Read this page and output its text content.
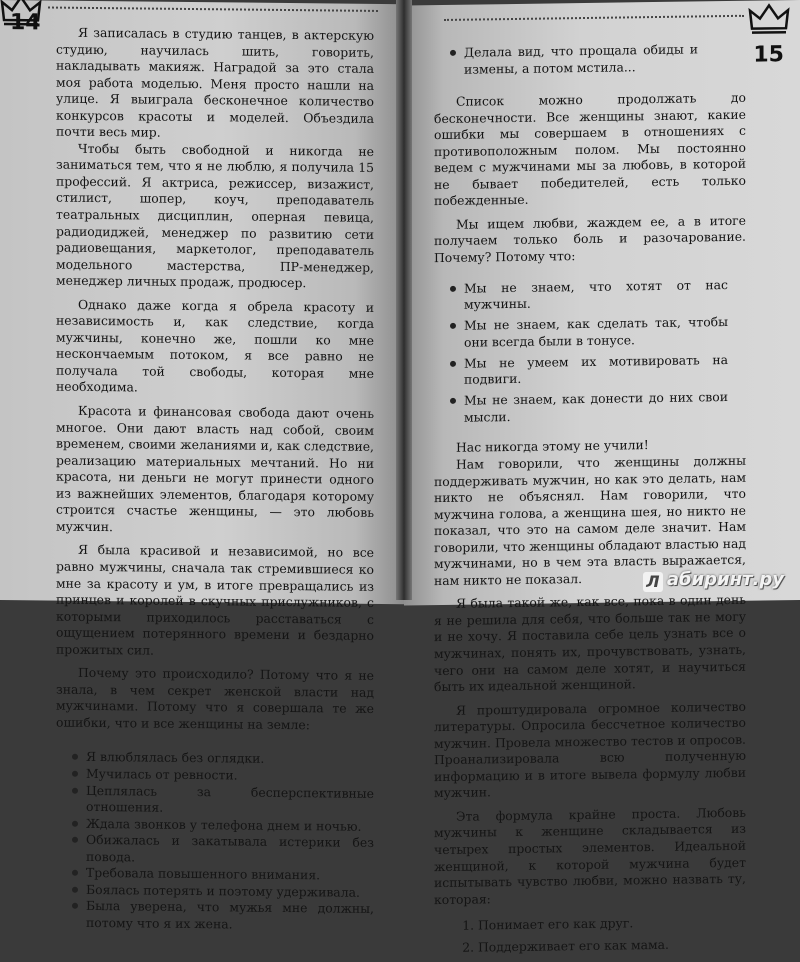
14	Я записалась в студию танцев, в актерскую студию, научилась шить, говорить, накладывать макияж. Наградой за это стала моя работа моделью. Меня просто нашли на улице. Я выиграла бесконечное количество конкурсов красоты и моделей. Объездила почти весь мир.

Чтобы быть свободной и никогда не заниматься тем, что я не люблю, я получила 15 профессий. Я актриса, режиссер, визажист, стилист, шопер, коуч, преподаватель театральных дисциплин, оперная певица, радиодиджей, менеджер по развитию сети радиовещания, маркетолог, преподаватель модельного мастерства, ПР-менеджер, менеджер личных продаж, продюсер.

Однако даже когда я обрела красоту и независимость и, как следствие, когда мужчины, конечно же, пошли ко мне нескончаемым потоком, я все равно не получала той свободы, которая мне необходима.

Красота и финансовая свобода дают очень многое. Они дают власть над собой, своим временем, своими желаниями и, как следствие, реализацию материальных мечтаний. Но ни красота, ни деньги не могут принести одного из важнейших элементов, благодаря которому строится счастье женщины, — это любовь мужчин.

Я была красивой и независимой, но все равно мужчины, сначала так стремившиеся ко мне за красоту и ум, в итоге превращались из принцев и королей в скучных прислужников, с которыми приходилось расставаться с ощущением потерянного времени и бездарно прожитых сил.

Почему это происходило? Потому что я не знала, в чем секрет женской власти над мужчинами. Потому что я совершала те же ошибки, что и все женщины на земле:

Я влюблялась без оглядки.
Мучилась от ревности.
Цеплялась за бесперспективные отношения.
Ждала звонков у телефона днем и ночью.
Обижалась и закатывала истерики без повода.
Требовала повышенного внимания.
Боялась потерять и поэтому удерживала.
Была уверена, что мужья мне должны, потому что я их жена.
15
Делала вид, что прощала обиды и измены, а потом мстила...

Список можно продолжать до бесконечности. Все женщины знают, какие ошибки мы совершаем в отношениях с противоположным полом. Мы постоянно ведем с мужчинами мы за любовь, в которой не бывает победителей, есть только побежденные.

Мы ищем любви, жаждем ее, а в итоге получаем только боль и разочарование. Почему? Потому что:

Мы не знаем, что хотят от нас мужчины.
Мы не знаем, как сделать так, чтобы они всегда были в тонусе.
Мы не умеем их мотивировать на подвиги.
Мы не знаем, как донести до них свои мысли.

Нас никогда этому не учили!

Нам говорили, что женщины должны поддерживать мужчин, но как это делать, нам никто не объяснял. Нам говорили, что мужчина голова, а женщина шея, но никто не показал, что это на самом деле значит. Нам говорили, что женщины обладают властью над мужчинами, но в чем эта власть выражается, нам никто не показал.

Я была такой же, как все, пока в один день я не решила для себя, что больше так не могу и не хочу. Я поставила себе цель узнать все о мужчинах, понять их, прочувствовать, узнать, чего они на самом деле хотят, и научиться быть их идеальной женщиной.

Я проштудировала огромное количество литературы. Опросила бессчетное количество мужчин. Провела множество тестов и опросов. Проанализировала всю полученную информацию и в итоге вывела формулу любви мужчин.

Эта формула крайне проста. Любовь мужчины к женщине складывается из четырех простых элементов. Идеальной женщиной, к которой мужчина будет испытывать чувство любви, можно назвать ту, которая:

1. Понимает его как друг.
2. Поддерживает его как мама.
Л абиринт.ру
